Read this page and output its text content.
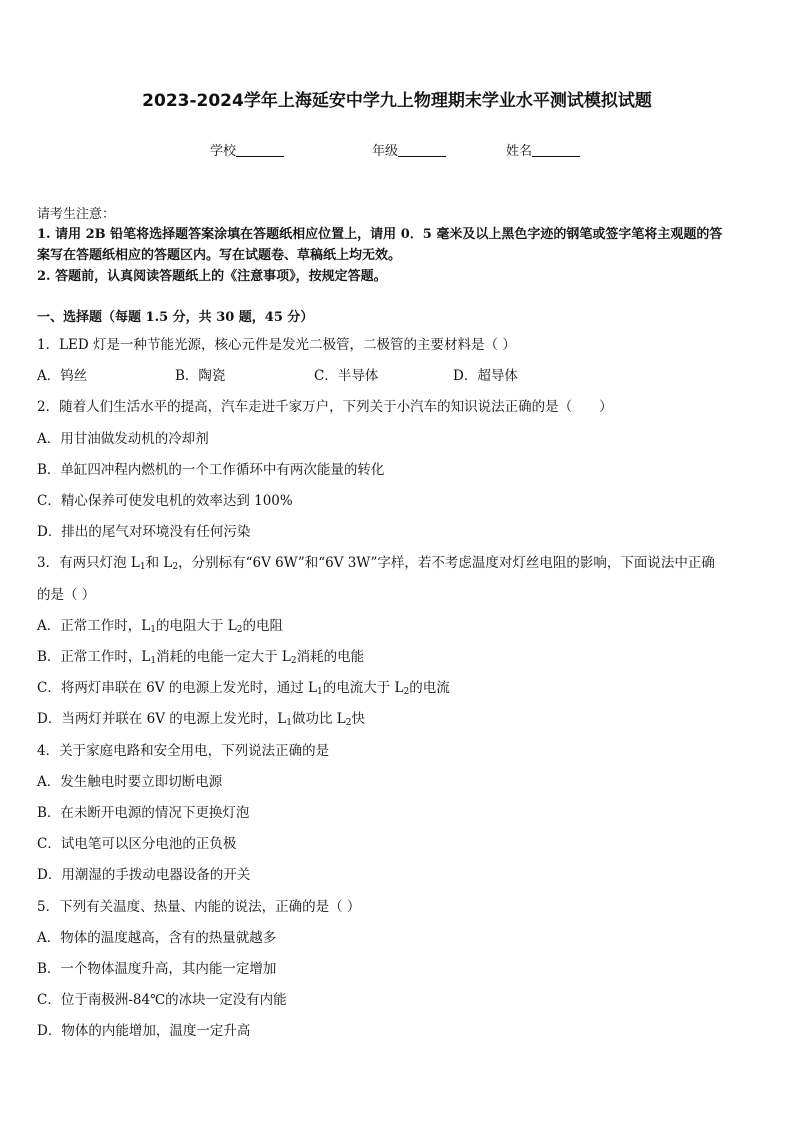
2023-2024学年上海延安中学九上物理期末学业水平测试模拟试题
学校	年级	姓名
请考生注意：
1. 请用 2B 铅笔将选择题答案涂填在答题纸相应位置上，请用 0．5 毫米及以上黑色字迹的钢笔或签字笔将主观题的答
案写在答题纸相应的答题区内。写在试题卷、草稿纸上均无效。
2. 答题前，认真阅读答题纸上的《注意事项》，按规定答题。
一、选择题（每题 1.5 分，共 30 题，45 分）
1．LED 灯是一种节能光源，核心元件是发光二极管，二极管的主要材料是（ ）
A．钨丝	B．陶瓷	C．半导体	D．超导体
2．随着人们生活水平的提高，汽车走进千家万户，下列关于小汽车的知识说法正确的是（　　）
A．用甘油做发动机的冷却剂
B．单缸四冲程内燃机的一个工作循环中有两次能量的转化
C．精心保养可使发电机的效率达到 100%
D．排出的尾气对环境没有任何污染
3．有两只灯泡 $L_1$和 $L_2$，分别标有“6V 6W”和“6V 3W”字样，若不考虑温度对灯丝电阻的影响，下面说法中正确
的是（ ）
A．正常工作时，$L_1$的电阻大于 $L_2$的电阻
B．正常工作时，$L_1$消耗的电能一定大于 $L_2$消耗的电能
C．将两灯串联在 6V 的电源上发光时，通过 $L_1$的电流大于 $L_2$的电流
D．当两灯并联在 6V 的电源上发光时，$L_1$做功比 $L_2$快
4．关于家庭电路和安全用电，下列说法正确的是
A．发生触电时要立即切断电源
B．在未断开电源的情况下更换灯泡
C．试电笔可以区分电池的正负极
D．用潮湿的手拨动电器设备的开关
5．下列有关温度、热量、内能的说法，正确的是（ ）
A．物体的温度越高，含有的热量就越多
B．一个物体温度升高，其内能一定增加
C．位于南极洲-84℃的冰块一定没有内能
D．物体的内能增加，温度一定升高
